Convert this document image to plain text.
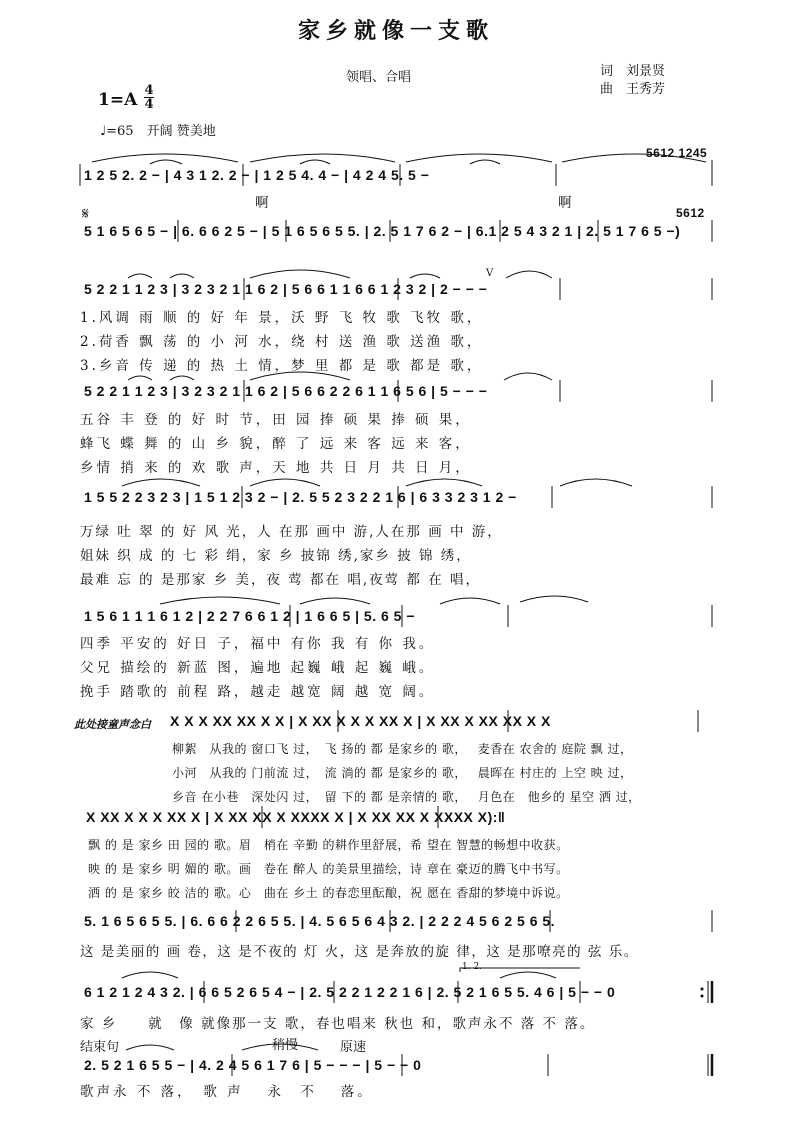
家乡就像一支歌
领唱、合唱	词　刘景贤
曲　王秀芳
1=A 4
4
♩=65　开阔 赞美地
5612 1245
5612
𝄋
V
1 2 5 2. 2 − | 4 3 1 2. 2 − | 1 2 5 4. 4 − | 4 2 4 5. 5 −
5 1 6 5 6 5 − | 6. 6 6 2 5 − | 5 1 6 5 6 5 5. | 2. 5 1 7 6 2 − | 6.1 2 5 4 3 2 1 | 2. 5 1 7 6 5 −)
5 2 2 1 1 2 3 | 3 2 3 2 1 1 6 2 | 5 6 6 1 1 6 6 1 2 3 2 | 2 − − −
5 2 2 1 1 2 3 | 3 2 3 2 1 1 6 2 | 5 6 6 2 2 6 1 1 6 5 6 | 5 − − −
1 5 5 2 2 3 2 3 | 1 5 1 2 3 2 − | 2. 5 5 2 3 2 2 1 6 | 6 3 3 2 3 1 2 −
1 5 6 1 1 1 6 1 2 | 2 2 7 6 6 1 2 | 1 6 6 5 | 5. 6 5 −
此处接童声念白 X X X XX XX X X | X XX X X X XX X | X XX X XX XX X X
X XX X X X XX X | X XX XX X XXXX X | X XX XX X XXXX X):‖
5. 1 6 5 6 5 5. | 6. 6 6 2 2 6 5 5. | 4. 5 6 5 6 4 3 2. | 2 2 2 4 5 6 2 5 6 5.
1. 2.
6 1 2 1 2 4 3 2. | 6 6 5 2 6 5 4 − | 2. 5 2 2 1 2 2 1 6 | 2. 5 2 1 6 5 5. 4 6 | 5 − − 0
结束句	稍慢	原速
2. 5 2 1 6 5 5 − | 4. 2 4 5 6 1 7 6 | 5 − − − | 5 − − 0
啊	啊
1.风调 雨 顺 的 好 年 景，沃 野 飞 牧 歌 飞牧 歌，
2.荷香 飘 荡 的 小 河 水，绕 村 送 渔 歌 送渔 歌，
3.乡音 传 递 的 热 土 情，梦 里 都 是 歌 都是 歌，
五谷 丰 登 的 好 时 节，田 园 捧 硕 果 捧 硕 果，
蜂飞 蝶 舞 的 山 乡 貌，醉 了 远 来 客 远 来 客，
乡情 捎 来 的 欢 歌 声，天 地 共 日 月 共 日 月，
万绿 吐 翠 的 好 风 光，人 在那 画中 游,人在那 画 中 游，
姐妹 织 成 的 七 彩 绢，家 乡 披锦 绣,家乡 披 锦 绣，
最难 忘 的 是那家 乡 美，夜 莺 都在 唱,夜莺 都 在 唱，
四季 平安的 好日 子，福中 有你 我 有 你 我。
父兄 描绘的 新蓝 图，遍地 起巍 峨 起 巍 峨。
挽手 踏歌的 前程 路，越走 越宽 阔 越 宽 阔。
柳絮　从我的 窗口飞 过，　飞 扬的 都 是家乡的 歌，　 麦香在 农舍的 庭院 飘 过，
小河　从我的 门前流 过，　流 淌的 都 是家乡的 歌，　 晨晖在 村庄的 上空 映 过，
乡音 在小巷　深处闪 过，　留 下的 都 是亲情的 歌，　 月色在　他乡的 星空 洒 过，
飘 的 是 家乡 田 园的 歌。眉　梢在 辛勤 的耕作里舒展，希 望在 智慧的畅想中收获。
映 的 是 家乡 明 媚的 歌。画　卷在 醉人 的美景里描绘，诗 章在 豪迈的腾飞中书写。
洒 的 是 家乡 皎 洁的 歌。心　曲在 乡土 的春恋里酝酿，祝 愿在 香甜的梦境中诉说。
这 是美丽的 画 卷，这 是不夜的 灯 火，这 是奔放的旋 律，这 是那嘹亮的 弦 乐。
家 乡　　就　像 就像那一支 歌，春也唱来 秋也 和，歌声永不 落 不 落。
歌声永 不 落，　歌 声　 永　不　 落。
